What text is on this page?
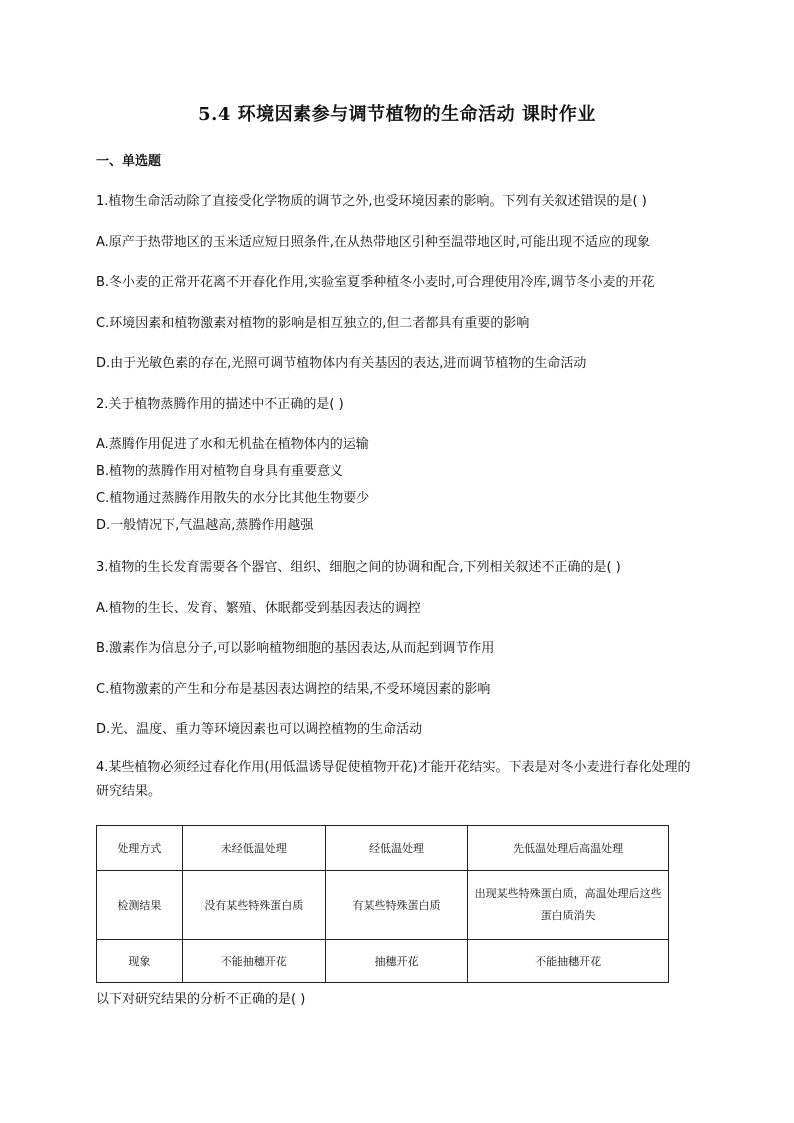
5.4 环境因素参与调节植物的生命活动 课时作业
一、单选题
1.植物生命活动除了直接受化学物质的调节之外,也受环境因素的影响。下列有关叙述错误的是( )
A.原产于热带地区的玉米适应短日照条件,在从热带地区引种至温带地区时,可能出现不适应的现象
B.冬小麦的正常开花离不开春化作用,实验室夏季种植冬小麦时,可合理使用冷库,调节冬小麦的开花
C.环境因素和植物激素对植物的影响是相互独立的,但二者都具有重要的影响
D.由于光敏色素的存在,光照可调节植物体内有关基因的表达,进而调节植物的生命活动
2.关于植物蒸腾作用的描述中不正确的是( )
A.蒸腾作用促进了水和无机盐在植物体内的运输
B.植物的蒸腾作用对植物自身具有重要意义
C.植物通过蒸腾作用散失的水分比其他生物要少
D.一般情况下,气温越高,蒸腾作用越强
3.植物的生长发育需要各个器官、组织、细胞之间的协调和配合,下列相关叙述不正确的是( )
A.植物的生长、发育、繁殖、休眠都受到基因表达的调控
B.激素作为信息分子,可以影响植物细胞的基因表达,从而起到调节作用
C.植物激素的产生和分布是基因表达调控的结果,不受环境因素的影响
D.光、温度、重力等环境因素也可以调控植物的生命活动
4.某些植物必须经过春化作用(用低温诱导促使植物开花)才能开花结实。下表是对冬小麦进行春化处理的研究结果。
处理方式	未经低温处理	经低温处理	先低温处理后高温处理
检测结果	没有某些特殊蛋白质	有某些特殊蛋白质	出现某些特殊蛋白质，高温处理后这些蛋白质消失
现象	不能抽穗开花	抽穗开花	不能抽穗开花
以下对研究结果的分析不正确的是( )
